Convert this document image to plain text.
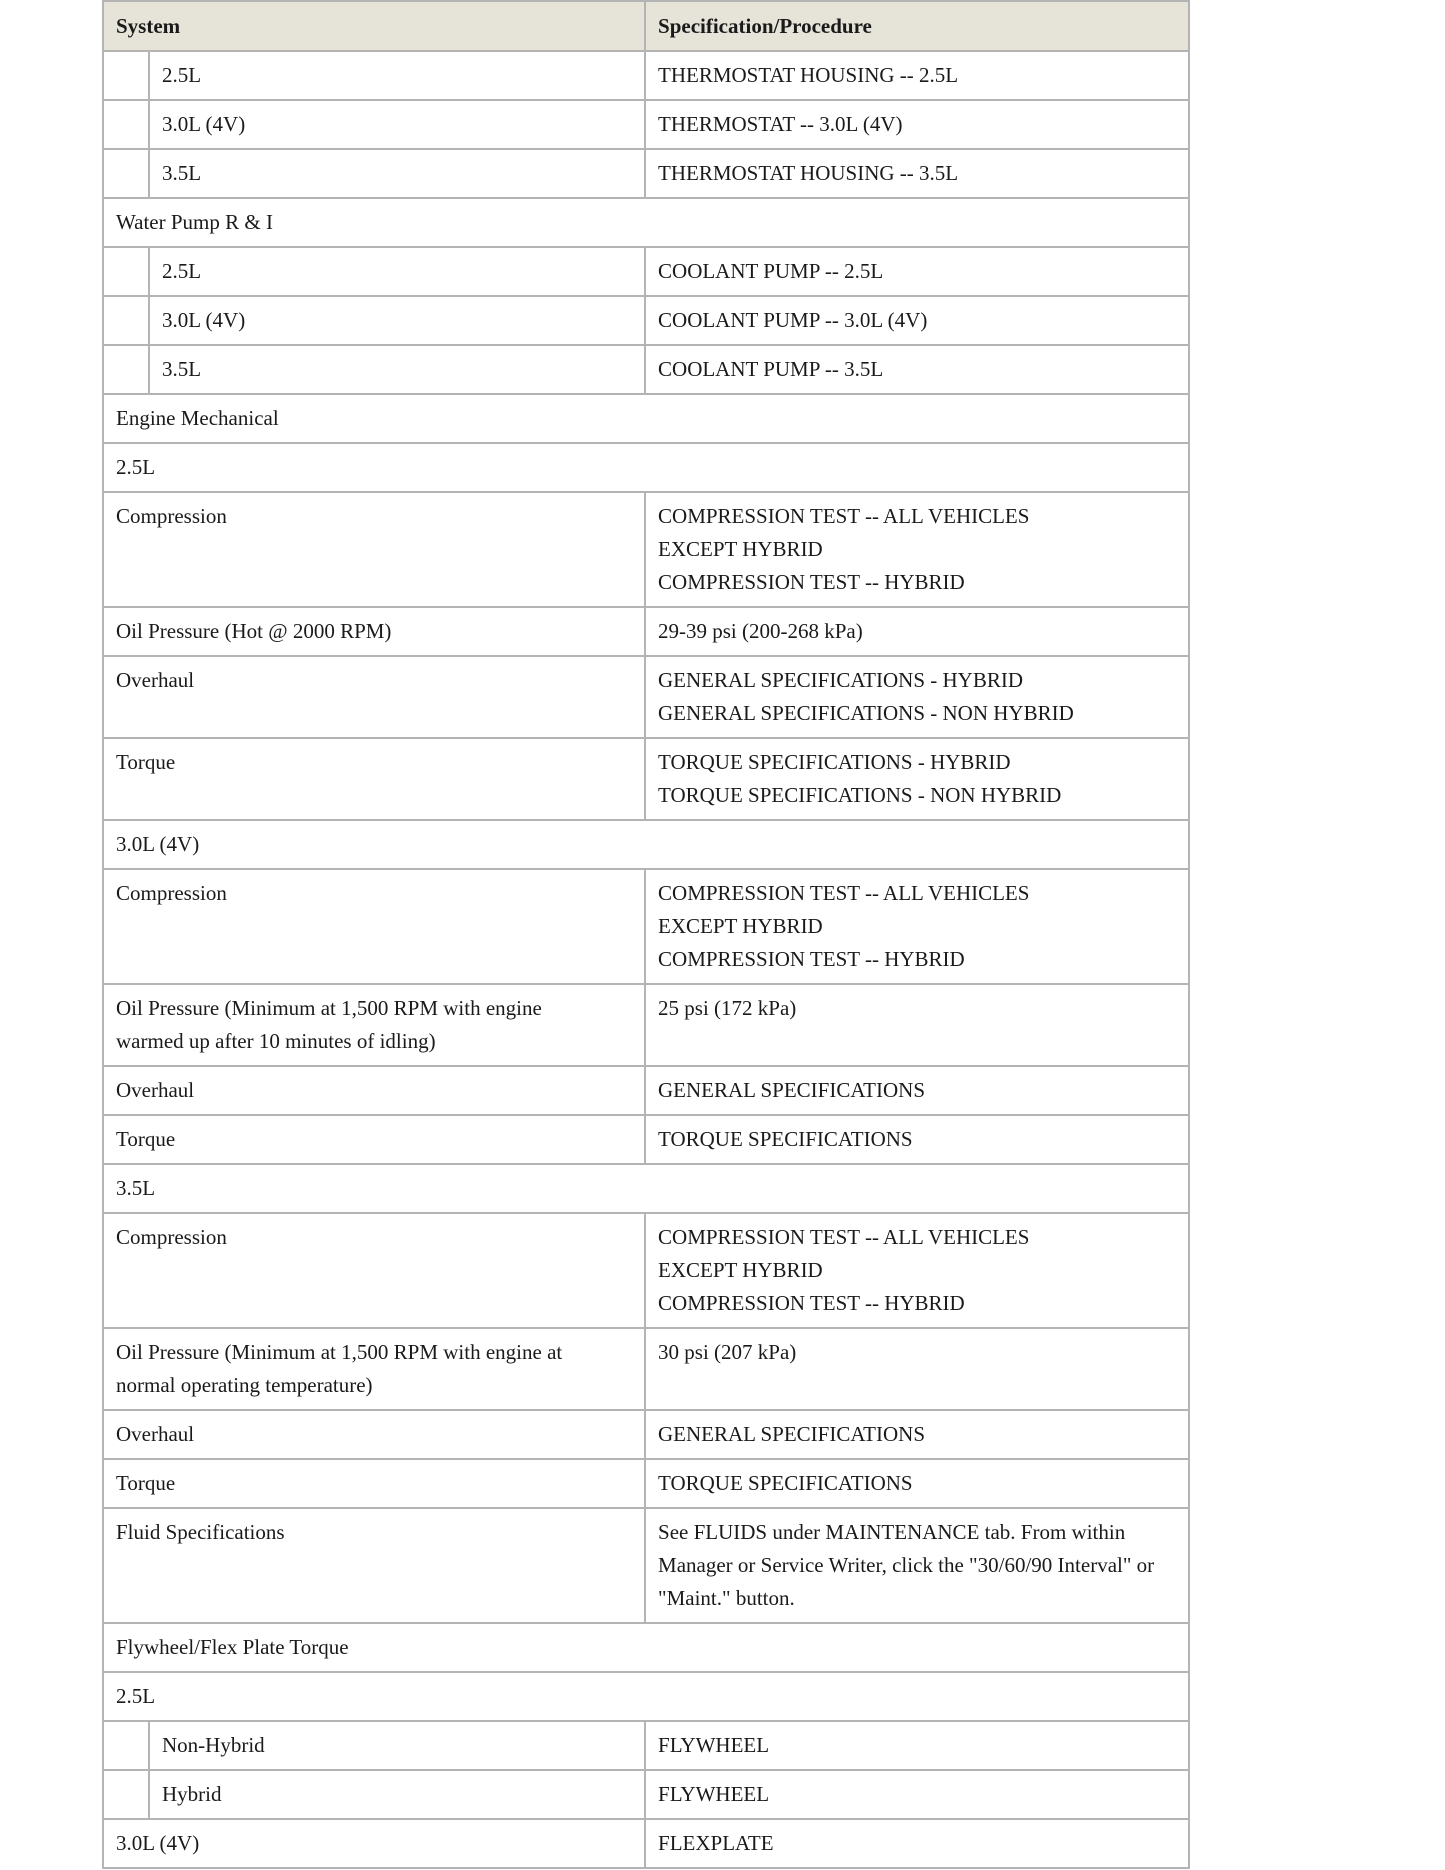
System		Specification/Procedure
	2.5L	THERMOSTAT HOUSING -- 2.5L

	3.0L (4V)	THERMOSTAT -- 3.0L (4V)

	3.5L	THERMOSTAT HOUSING -- 3.5L

Water Pump R & I		
	2.5L	COOLANT PUMP -- 2.5L

	3.0L (4V)	COOLANT PUMP -- 3.0L (4V)

	3.5L	COOLANT PUMP -- 3.5L

Engine Mechanical		
2.5L		

Compression		COMPRESSION TEST -- ALL VEHICLES
EXCEPT HYBRID
COMPRESSION TEST -- HYBRID

Oil Pressure (Hot @ 2000 RPM)		29-39 psi (200-268 kPa)

Overhaul		GENERAL SPECIFICATIONS - HYBRID
GENERAL SPECIFICATIONS - NON HYBRID

Torque		TORQUE SPECIFICATIONS - HYBRID
TORQUE SPECIFICATIONS - NON HYBRID

3.0L (4V)		

Compression		COMPRESSION TEST -- ALL VEHICLES
EXCEPT HYBRID
COMPRESSION TEST -- HYBRID

Oil Pressure (Minimum at 1,500 RPM with engine
warmed up after 10 minutes of idling)		25 psi (172 kPa)

Overhaul		GENERAL SPECIFICATIONS

Torque		TORQUE SPECIFICATIONS

3.5L		

Compression		COMPRESSION TEST -- ALL VEHICLES
EXCEPT HYBRID
COMPRESSION TEST -- HYBRID

Oil Pressure (Minimum at 1,500 RPM with engine at
normal operating temperature)		30 psi (207 kPa)

Overhaul		GENERAL SPECIFICATIONS

Torque		TORQUE SPECIFICATIONS

Fluid Specifications		See FLUIDS under MAINTENANCE tab. From within
Manager or Service Writer, click the "30/60/90 Interval" or
"Maint." button.

Flywheel/Flex Plate Torque		
2.5L		
	Non-Hybrid	FLYWHEEL

	Hybrid	FLYWHEEL

3.0L (4V)		FLEXPLATE
